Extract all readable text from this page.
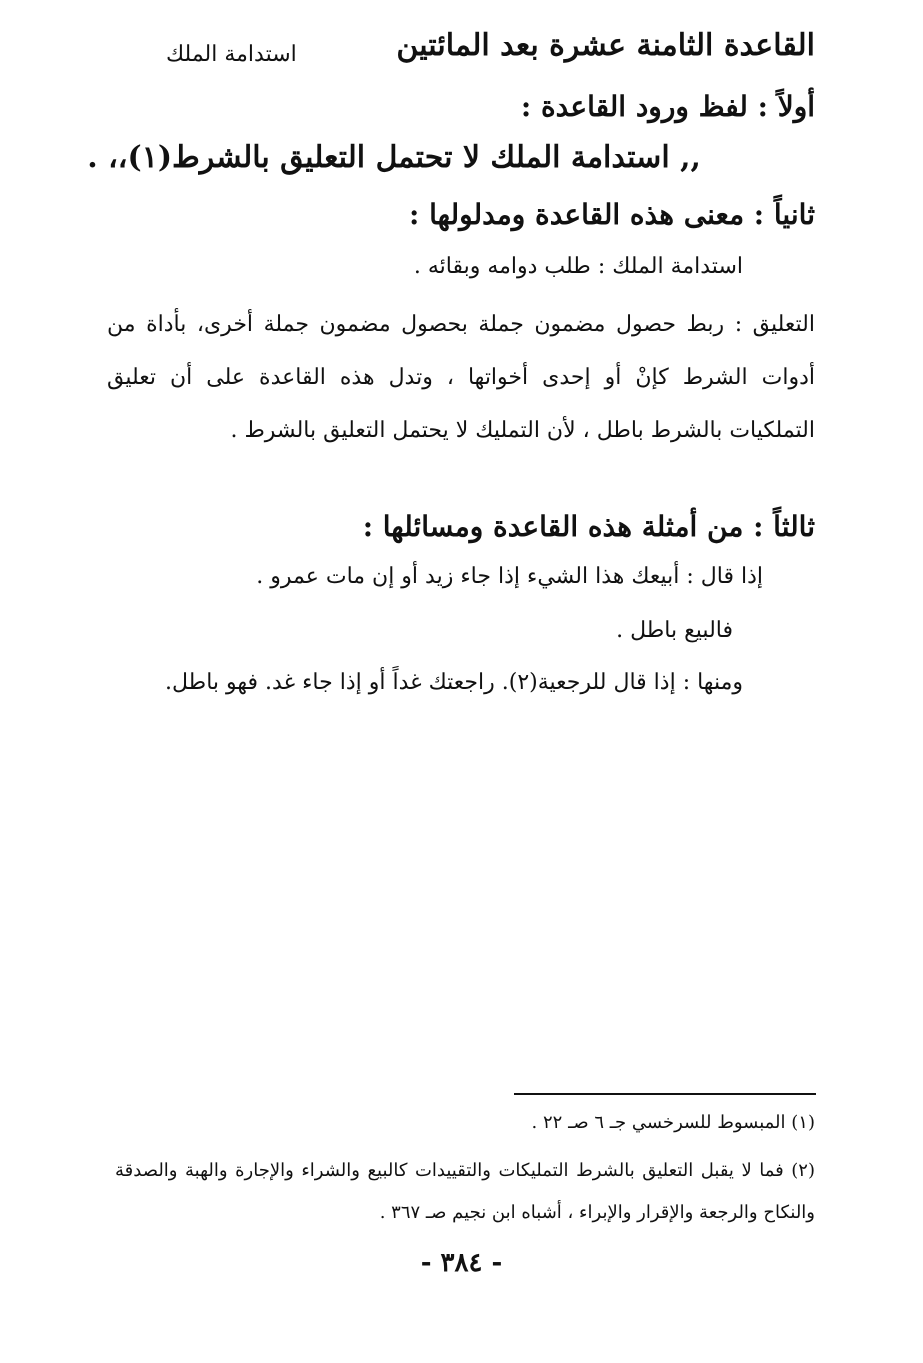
القاعدة الثامنة عشرة بعد المائتين
استدامة الملك
أولاً : لفظ ورود القاعدة :
,, استدامة الملك لا تحتمل التعليق بالشرط(١)،، .
ثانياً : معنى هذه القاعدة ومدلولها :
استدامة الملك : طلب دوامه وبقائه .
التعليق : ربط حصول مضمون جملة بحصول مضمون جملة أخرى، بأداة من أدوات الشرط كإنْ أو إحدى أخواتها ، وتدل هذه القاعدة على أن تعليق التملكيات بالشرط باطل ، لأن التمليك لا يحتمل التعليق بالشرط .
ثالثاً : من أمثلة هذه القاعدة ومسائلها :
إذا قال : أبيعك هذا الشيء إذا جاء زيد أو إن مات عمرو .
فالبيع باطل .
ومنها : إذا قال للرجعية(٢). راجعتك غداً أو إذا جاء غد. فهو باطل.
(١) المبسوط للسرخسي جـ ٦ صـ ٢٢ .
(٢) فما لا يقبل التعليق بالشرط التمليكات والتقييدات كالبيع والشراء والإجارة والهبة والصدقة والنكاح والرجعة والإقرار والإبراء ، أشباه ابن نجيم صـ ٣٦٧ .
- ٣٨٤ -
